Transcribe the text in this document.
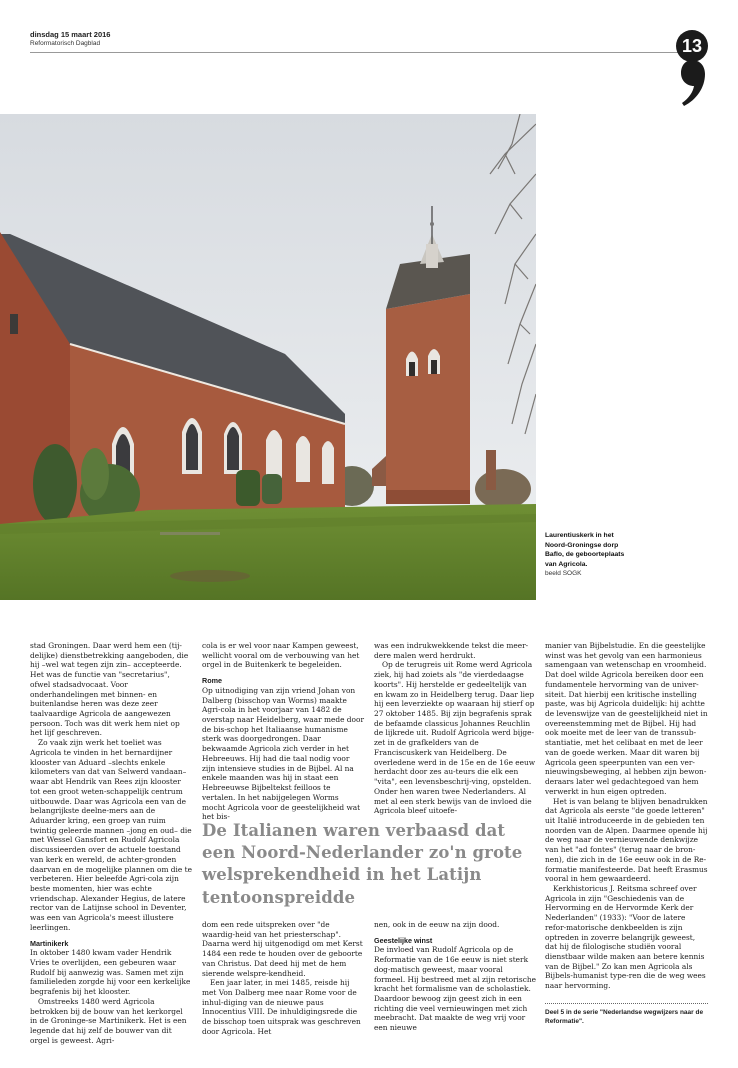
dinsdag 15 maart 2016
Reformatorisch Dagblad	13
Laurentiuskerk in het Noord-Groningse dorp Baflo, de geboorteplaats van Agricola.
beeld SOGK

stad Groningen. Daar werd hem een (tij-delijke) dienstbetrekking aangeboden, die hij –wel wat tegen zijn zin– accepteerde. Het was de functie van "secretarius", ofwel stadsadvocaat. Voor onderhandelingen met binnen- en buitenlandse heren was deze zeer taalvaardige Agricola de aangewezen persoon. Toch was dit werk hem niet op het lijf geschreven.

Zo vaak zijn werk het toeliet was Agricola te vinden in het bernardijner klooster van Aduard –slechts enkele kilometers van dat van Selwerd vandaan– waar abt Hendrik van Rees zijn klooster tot een groot weten-schappelijk centrum uitbouwde. Daar was Agricola een van de belangrijkste deelne-mers aan de Aduarder kring, een groep van ruim twintig geleerde mannen –jong en oud– die met Wessel Gansfort en Rudolf Agricola discussieerden over de actuele toestand van kerk en wereld, de achter-gronden daarvan en de mogelijke plannen om die te verbeteren. Hier beleefde Agri-cola zijn beste momenten, hier was echte vriendschap. Alexander Hegius, de latere rector van de Latijnse school in Deventer, was een van Agricola's meest illustere leerlingen.

Martinikerk

In oktober 1480 kwam vader Hendrik Vries te overlijden, een gebeuren waar Rudolf bij aanwezig was. Samen met zijn familieleden zorgde hij voor een kerkelijke begrafenis bij het klooster.

Omstreeks 1480 werd Agricola betrokken bij de bouw van het kerkorgel in de Groninge-se Martinikerk. Het is een legende dat hij zelf de bouwer van dit orgel is geweest. Agri-

cola is er wel voor naar Kampen geweest, wellicht vooral om de verbouwing van het orgel in de Buitenkerk te begeleiden.

Rome

Op uitnodiging van zijn vriend Johan von Dalberg (bisschop van Worms) maakte Agri-cola in het voorjaar van 1482 de overstap naar Heidelberg, waar mede door de bis-schop het Italiaanse humanisme sterk was doorgedrongen. Daar bekwaamde Agricola zich verder in het Hebreeuws. Hij had die taal nodig voor zijn intensieve studies in de Bijbel. Al na enkele maanden was hij in staat een Hebreeuwse Bijbeltekst feilloos te vertalen. In het nabijgelegen Worms mocht Agricola voor de geestelijkheid wat het bis-

was een indrukwekkende tekst die meer-dere malen werd herdrukt.

Op de terugreis uit Rome werd Agricola ziek, hij had zoiets als "de vierdedaagse koorts". Hij herstelde er gedeeltelijk van en kwam zo in Heidelberg terug. Daar liep hij een leverziekte op waaraan hij stierf op 27 oktober 1485. Bij zijn begrafenis sprak de befaamde classicus Johannes Reuchlin de lijkrede uit. Rudolf Agricola werd bijge-zet in de grafkelders van de Franciscuskerk van Heidelberg. De overledene werd in de 15e en de 16e eeuw herdacht door zes au-teurs die elk een "vita", een levensbeschrij-ving, opstelden. Onder hen waren twee Nederlanders. Al met al een sterk bewijs van de invloed die Agricola bleef uitoefe-

De Italianen waren verbaasd dat een Noord-Nederlander zo'n grote welsprekendheid in het Latijn tentoonspreidde

dom een rede uitspreken over "de waardig-heid van het priesterschap". Daarna werd hij uitgenodigd om met Kerst 1484 een rede te houden over de geboorte van Christus. Dat deed hij met de hem sierende welspre-kendheid.

Een jaar later, in mei 1485, reisde hij met Von Dalberg mee naar Rome voor de inhul-diging van de nieuwe paus Innocentius VIII. De inhuldigingsrede die de bisschop toen uitsprak was geschreven door Agricola. Het

nen, ook in de eeuw na zijn dood.

Geestelijke winst

De invloed van Rudolf Agricola op de Reformatie van de 16e eeuw is niet sterk dog-matisch geweest, maar vooral formeel. Hij bestreed met al zijn retorische kracht het formalisme van de scholastiek. Daardoor bewoog zijn geest zich in een richting die veel vernieuwingen met zich meebracht. Dat maakte de weg vrij voor een nieuwe

manier van Bijbelstudie. En die geestelijke winst was het gevolg van een harmonieus samengaan van wetenschap en vroomheid. Dat doel wilde Agricola bereiken door een fundamentele hervorming van de univer-siteit. Dat hierbij een kritische instelling paste, was bij Agricola duidelijk: hij achtte de levenswijze van de geestelijkheid niet in overeenstemming met de Bijbel. Hij had ook moeite met de leer van de transsub-stantiatie, met het celibaat en met de leer van de goede werken. Maar dit waren bij Agricola geen speerpunten van een ver-nieuwingsbeweging, al hebben zijn bewon-deraars later wel gedachtegoed van hem verwerkt in hun eigen optreden.

Het is van belang te blijven benadrukken dat Agricola als eerste "de goede letteren" uit Italië introduceerde in de gebieden ten noorden van de Alpen. Daarmee opende hij de weg naar de vernieuwende denkwijze van het "ad fontes" (terug naar de bron-nen), die zich in de 16e eeuw ook in de Re-formatie manifesteerde. Dat heeft Erasmus vooral in hem gewaardeerd.

Kerkhistoricus J. Reitsma schreef over Agricola in zijn "Geschiedenis van de Hervorming en de Hervormde Kerk der Nederlanden" (1933): "Voor de latere refor-matorische denkbeelden is zijn optreden in zoverre belangrijk geweest, dat hij de filologische studiën vooral dienstbaar wilde maken aan betere kennis van de Bijbel." Zo kan men Agricola als Bijbels-humanist type-ren die de weg wees naar hervorming.

Deel 5 in de serie "Nederlandse wegwijzers naar de Reformatie".
